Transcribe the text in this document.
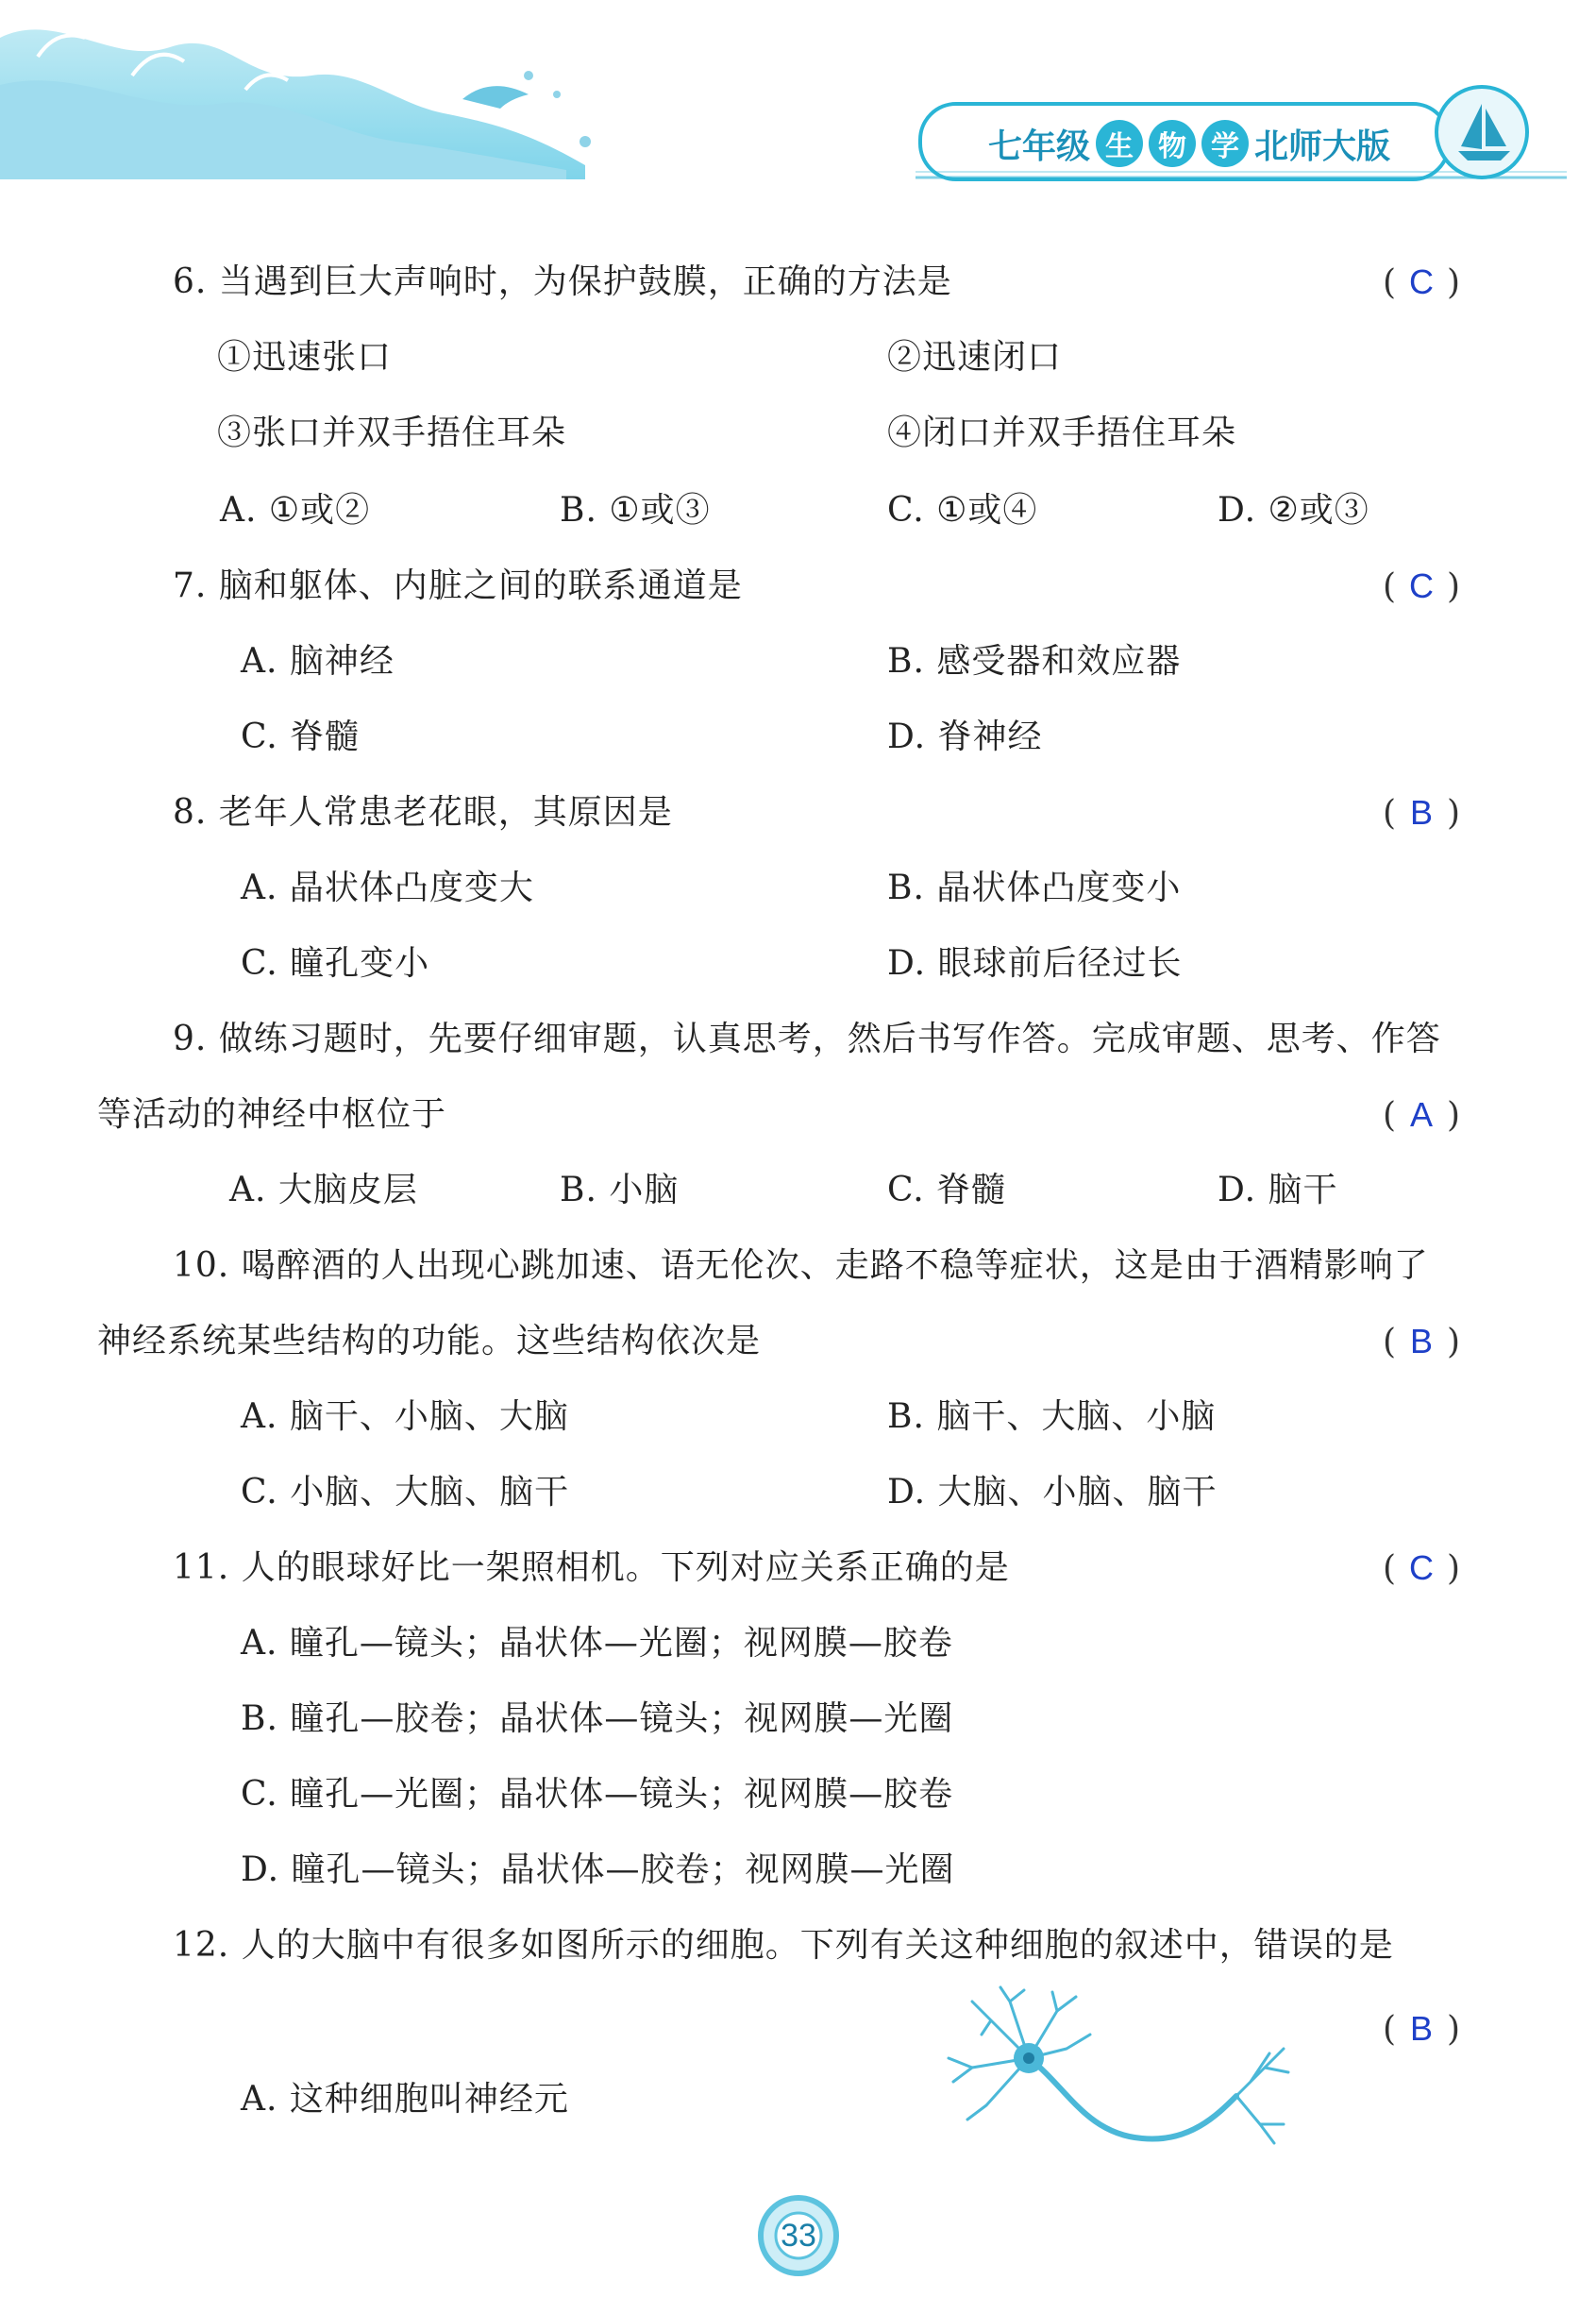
七年级 生 物 学 北师大版
6. 当遇到巨大声响时，为保护鼓膜，正确的方法是	( C )
①迅速张口	②迅速闭口
③张口并双手捂住耳朵	④闭口并双手捂住耳朵
A. ①或②	B. ①或③	C. ①或④	D. ②或③
7. 脑和躯体、内脏之间的联系通道是	( C )
A. 脑神经	B. 感受器和效应器
C. 脊髓	D. 脊神经
8. 老年人常患老花眼，其原因是	( B )
A. 晶状体凸度变大	B. 晶状体凸度变小
C. 瞳孔变小	D. 眼球前后径过长
9. 做练习题时，先要仔细审题，认真思考，然后书写作答。完成审题、思考、作答
等活动的神经中枢位于	( A )
A. 大脑皮层	B. 小脑	C. 脊髓	D. 脑干
10. 喝醉酒的人出现心跳加速、语无伦次、走路不稳等症状，这是由于酒精影响了
神经系统某些结构的功能。这些结构依次是	( B )
A. 脑干、小脑、大脑	B. 脑干、大脑、小脑
C. 小脑、大脑、脑干	D. 大脑、小脑、脑干
11. 人的眼球好比一架照相机。下列对应关系正确的是	( C )
A. 瞳孔—镜头；晶状体—光圈；视网膜—胶卷
B. 瞳孔—胶卷；晶状体—镜头；视网膜—光圈
C. 瞳孔—光圈；晶状体—镜头；视网膜—胶卷
D. 瞳孔—镜头；晶状体—胶卷；视网膜—光圈
12. 人的大脑中有很多如图所示的细胞。下列有关这种细胞的叙述中，错误的是
( B )
A. 这种细胞叫神经元
33
